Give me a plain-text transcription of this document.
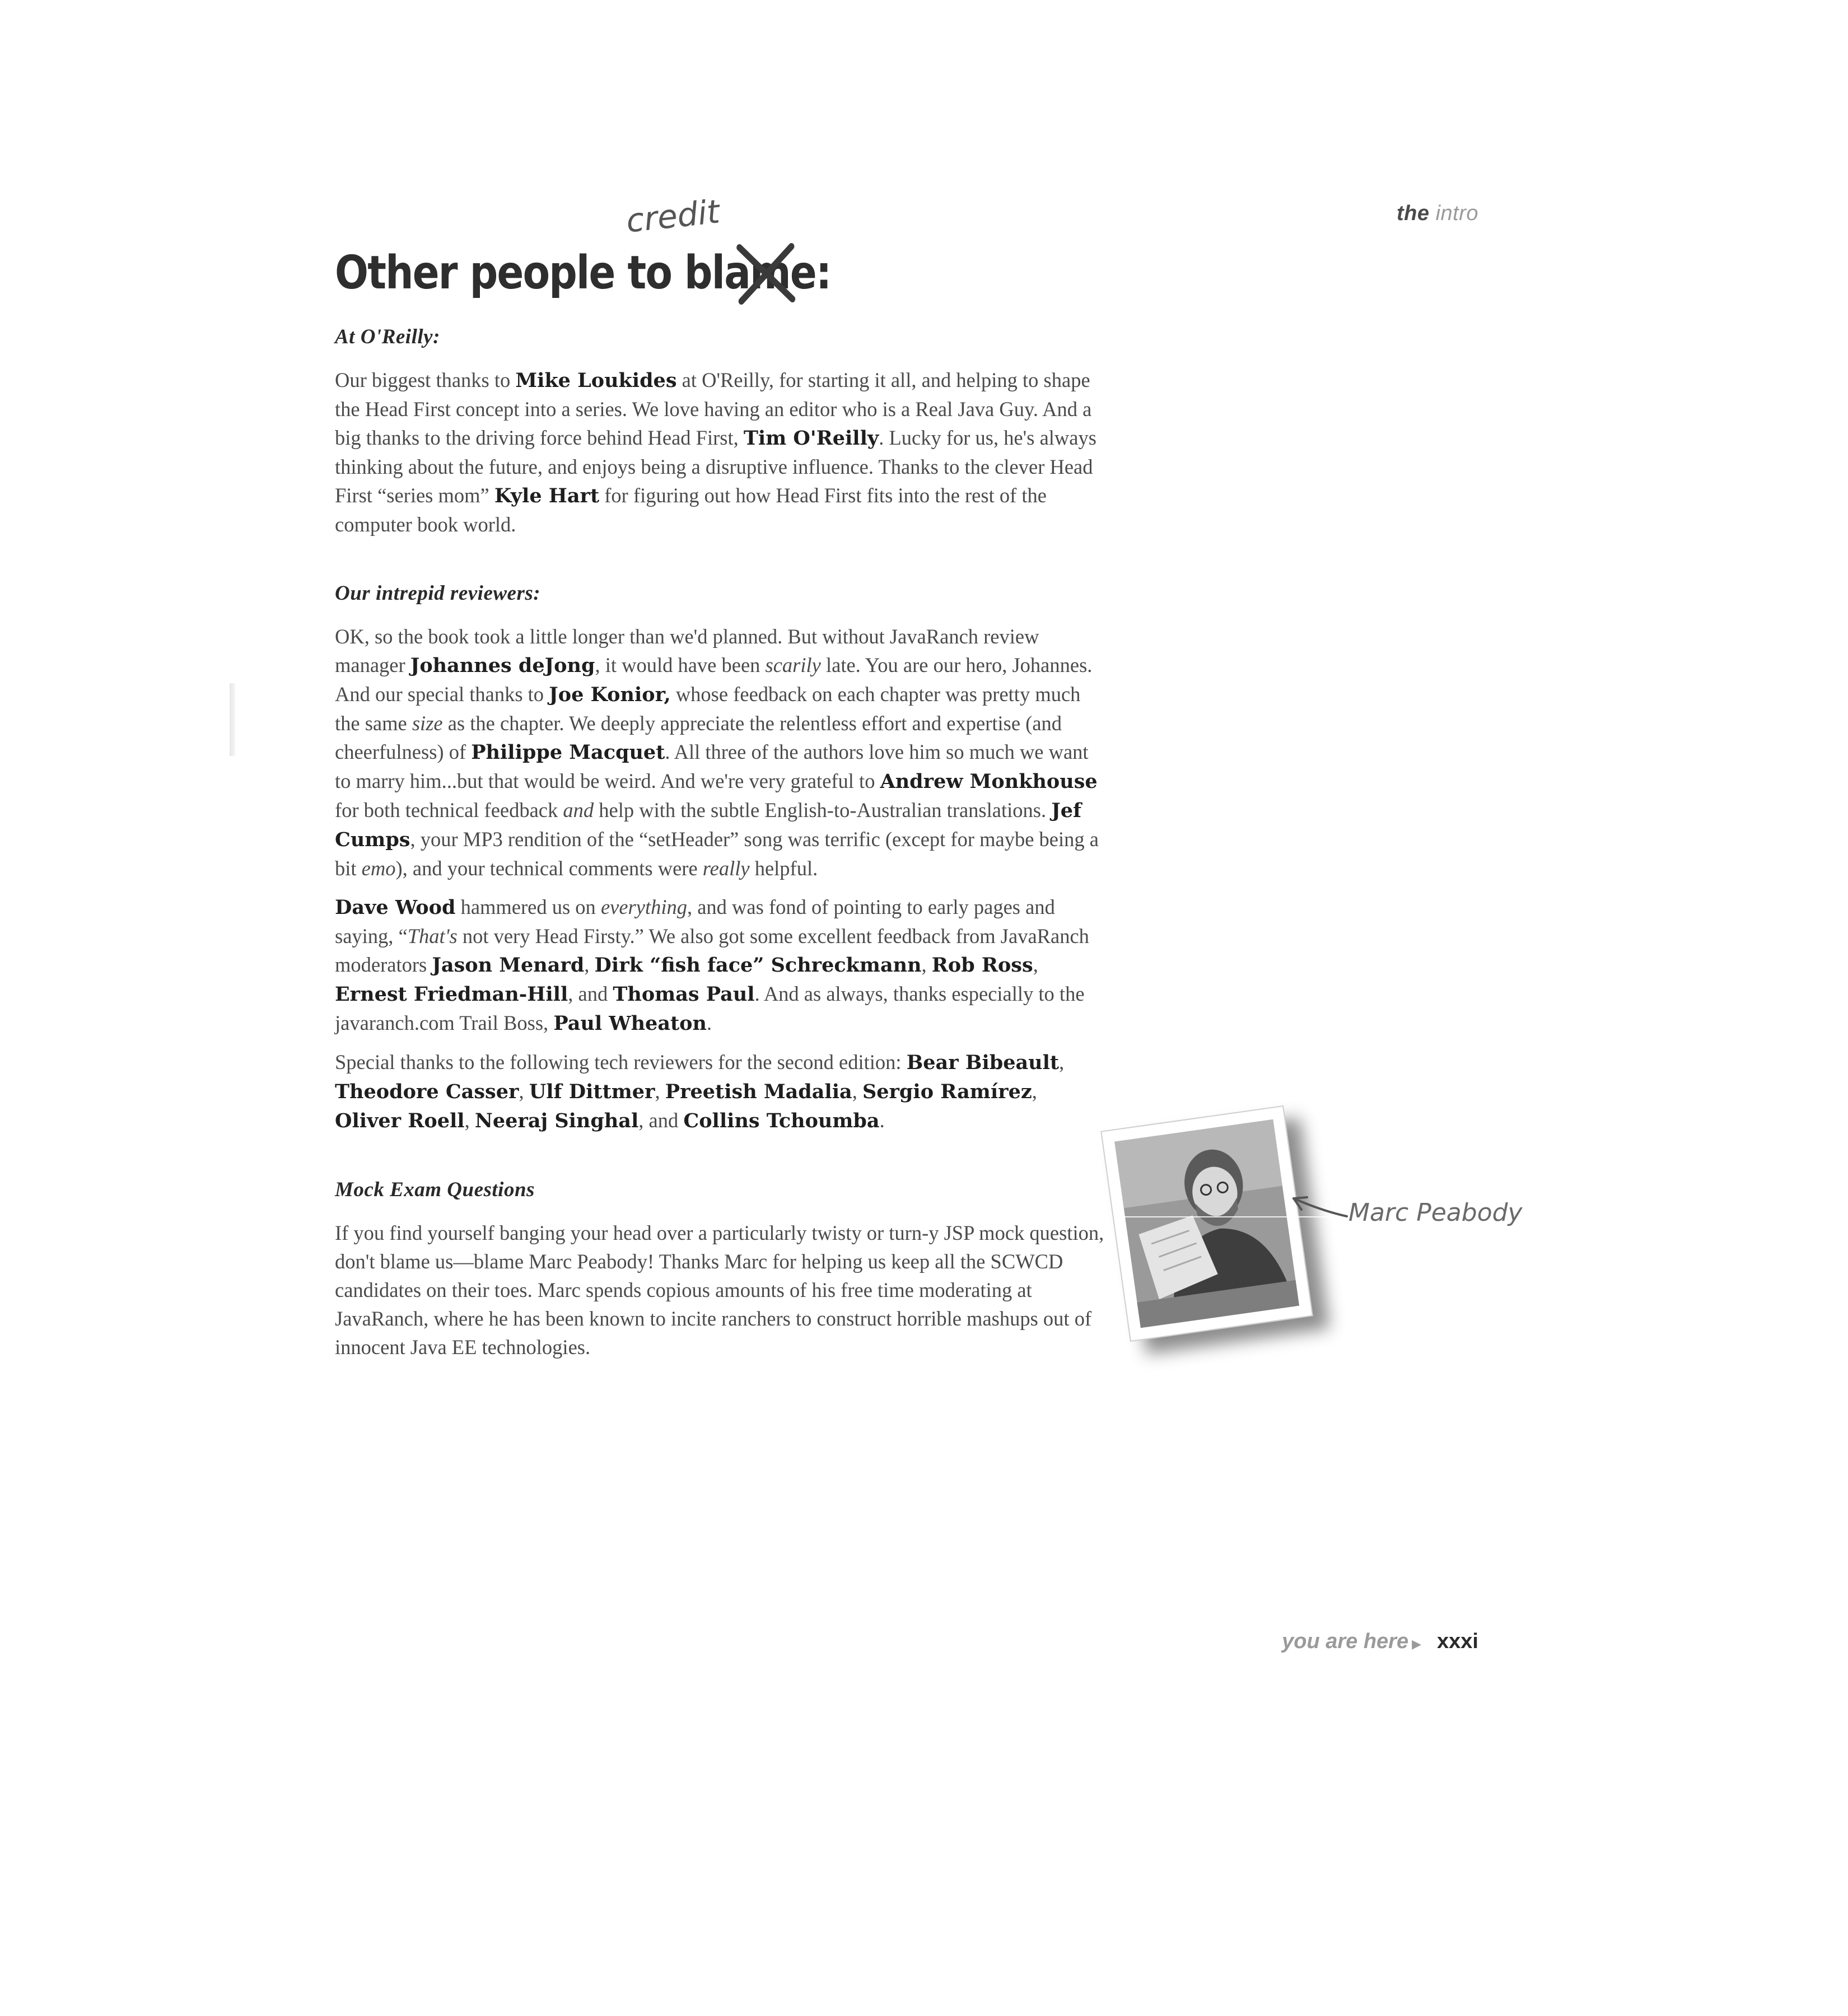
the intro
credit
Other people to blam
e:
At O'Reilly:

Our biggest thanks to Mike Loukides at O'Reilly, for starting it all, and helping to shape the Head First concept into a series. We love having an editor who is a Real Java Guy. And a big thanks to the driving force behind Head First, Tim O'Reilly. Lucky for us, he's always thinking about the future, and enjoys being a disruptive influence. Thanks to the clever Head First “series mom” Kyle Hart for figuring out how Head First fits into the rest of the computer book world.

Our intrepid reviewers:

OK, so the book took a little longer than we'd planned. But without JavaRanch review manager Johannes deJong, it would have been scarily late. You are our hero, Johannes. And our special thanks to Joe Konior, whose feedback on each chapter was pretty much the same size as the chapter. We deeply appreciate the relentless effort and expertise (and cheerfulness) of Philippe Macquet. All three of the authors love him so much we want to marry him...but that would be weird. And we're very grateful to Andrew Monkhouse for both technical feedback and help with the subtle English-to-Australian translations. Jef Cumps, your MP3 rendition of the “setHeader” song was terrific (except for maybe being a bit emo), and your technical comments were really helpful.

Dave Wood hammered us on everything, and was fond of pointing to early pages and saying, “That's not very Head Firsty.” We also got some excellent feedback from JavaRanch moderators Jason Menard, Dirk “fish face” Schreckmann, Rob Ross, Ernest Friedman-Hill, and Thomas Paul. And as always, thanks especially to the javaranch.com Trail Boss, Paul Wheaton.

Special thanks to the following tech reviewers for the second edition: Bear Bibeault, Theodore Casser, Ulf Dittmer, Preetish Madalia, Sergio Ramírez, Oliver Roell, Neeraj Singhal, and Collins Tchoumba.

Mock Exam Questions

If you find yourself banging your head over a particularly twisty or turn-y JSP mock question, don't blame us—blame Marc Peabody! Thanks Marc for helping us keep all the SCWCD candidates on their toes. Marc spends copious amounts of his free time moderating at JavaRanch, where he has been known to incite ranchers to construct horrible mashups out of innocent Java EE technologies.

Marc Peabody
you are here ▶ xxxi
